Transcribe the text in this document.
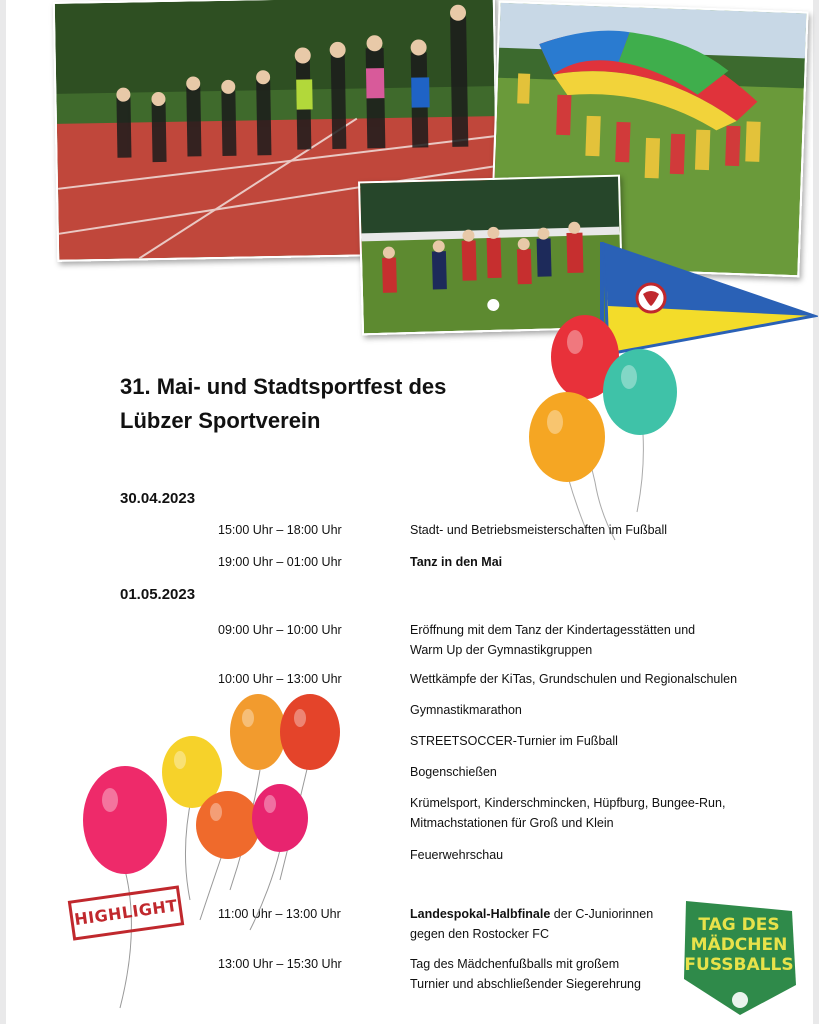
31. Mai- und Stadtsportfest des
Lübzer Sportverein
30.04.2023
15:00 Uhr – 18:00 Uhr	Stadt- und Betriebsmeisterschaften im Fußball
19:00 Uhr – 01:00 Uhr	Tanz in den Mai
01.05.2023
09:00 Uhr – 10:00 Uhr	Eröffnung mit dem Tanz der Kindertagesstätten und
Warm Up der Gymnastikgruppen
10:00 Uhr – 13:00 Uhr	Wettkämpfe der KiTas, Grundschulen und Regionalschulen
Gymnastikmarathon
STREETSOCCER-Turnier im Fußball
Bogenschießen
Krümelsport, Kinderschmincken, Hüpfburg, Bungee-Run,
Mitmachstationen für Groß und Klein
Feuerwehrschau
11:00 Uhr – 13:00 Uhr	Landespokal-Halbfinale der C-Juniorinnen
gegen den Rostocker FC
13:00 Uhr – 15:30 Uhr	Tag des Mädchenfußballs mit großem
Turnier und abschließender Siegerehrung
HIGHLIGHT	TAG DES
MÄDCHEN
FUSSBALLS
